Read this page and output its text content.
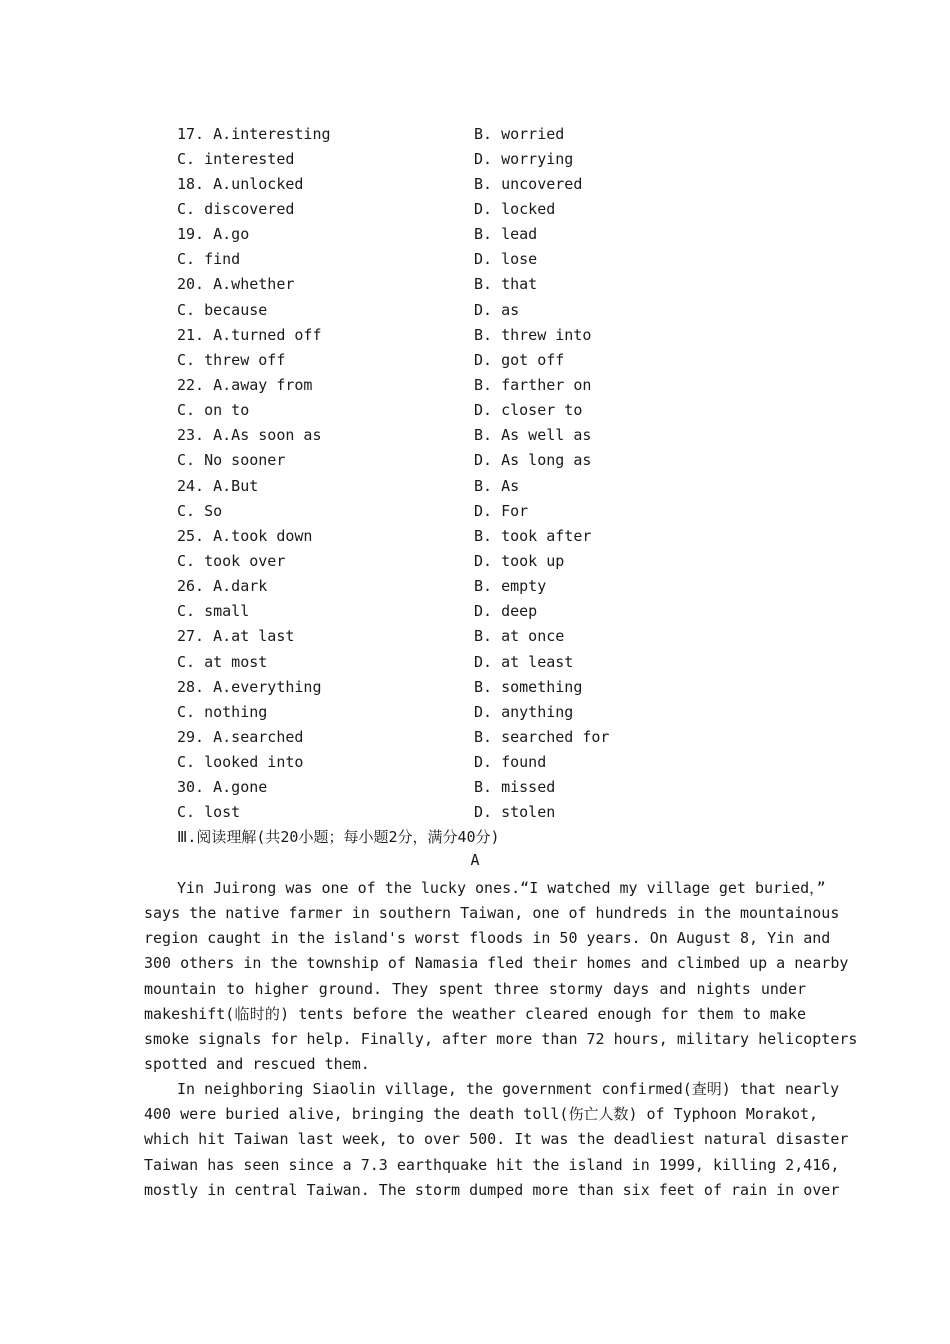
17. A.interesting	B. worried
C. interested	D. worrying
18. A.unlocked	B. uncovered
C. discovered	D. locked
19. A.go	B. lead
C. find	D. lose
20. A.whether	B. that
C. because	D. as
21. A.turned off	B. threw into
C. threw off	D. got off
22. A.away from	B. farther on
C. on to	D. closer to
23. A.As soon as	B. As well as
C. No sooner	D. As long as
24. A.But	B. As
C. So	D. For
25. A.took down	B. took after
C. took over	D. took up
26. A.dark	B. empty
C. small	D. deep
27. A.at last	B. at once
C. at most	D. at least
28. A.everything	B. something
C. nothing	D. anything
29. A.searched	B. searched for
C. looked into	D. found
30. A.gone	B. missed
C. lost	D. stolen
Ⅲ.阅读理解(共20小题；每小题2分，满分40分)
A
Yin Juirong was one of the lucky ones.“I watched my village get buried，”
says the native farmer in southern Taiwan, one of hundreds in the mountainous
region caught in the island's worst floods in 50 years. On August 8, Yin and
300 others in the township of Namasia fled their homes and climbed up a nearby
mountain to higher ground. They spent three stormy days and nights under
makeshift(临时的) tents before the weather cleared enough for them to make
smoke signals for help. Finally, after more than 72 hours, military helicopters
spotted and rescued them.
In neighboring Siaolin village, the government confirmed(查明) that nearly
400 were buried alive, bringing the death toll(伤亡人数) of Typhoon Morakot,
which hit Taiwan last week, to over 500. It was the deadliest natural disaster
Taiwan has seen since a 7.3 earthquake hit the island in 1999, killing 2,416,
mostly in central Taiwan. The storm dumped more than six feet of rain in over
